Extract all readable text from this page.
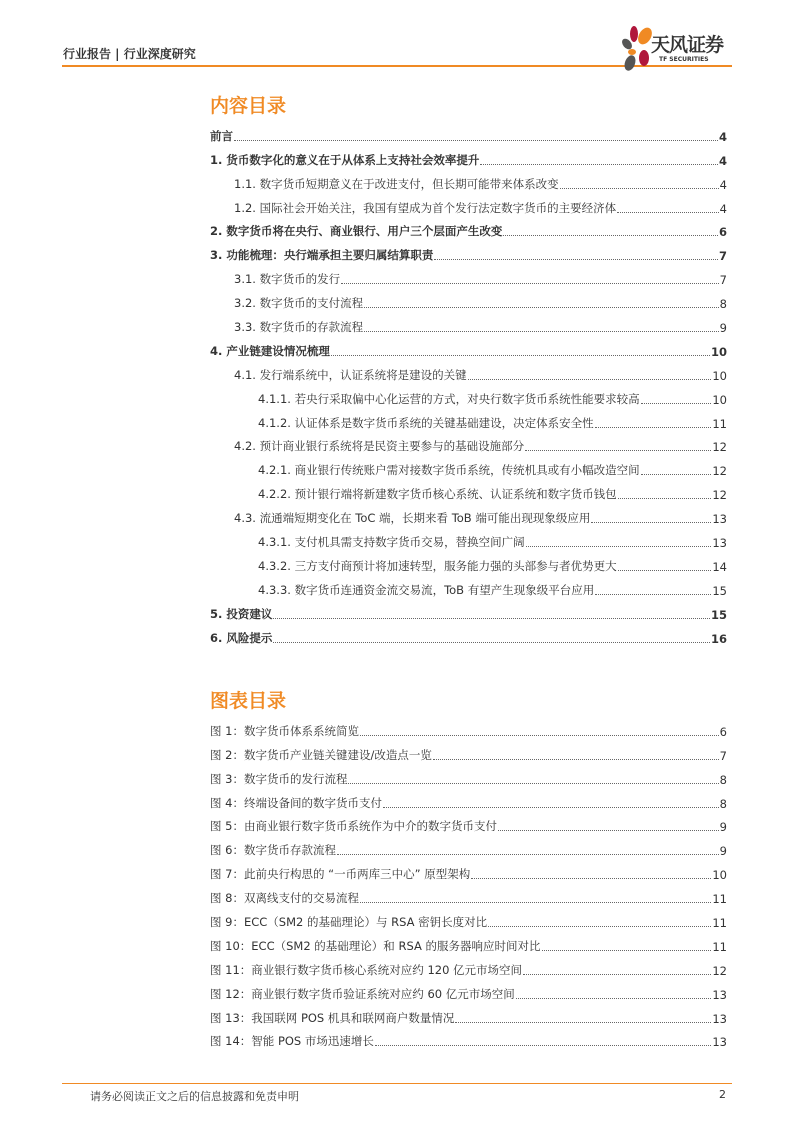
行业报告 | 行业深度研究	天风证券
TF SECURITIES
内容目录
前言	4
1. 货币数字化的意义在于从体系上支持社会效率提升	4
1.1. 数字货币短期意义在于改进支付，但长期可能带来体系改变	4
1.2. 国际社会开始关注，我国有望成为首个发行法定数字货币的主要经济体	4
2. 数字货币将在央行、商业银行、用户三个层面产生改变	6
3. 功能梳理：央行端承担主要归属结算职责	7
3.1. 数字货币的发行	7
3.2. 数字货币的支付流程	8
3.3. 数字货币的存款流程	9
4. 产业链建设情况梳理	10
4.1. 发行端系统中，认证系统将是建设的关键	10
4.1.1. 若央行采取偏中心化运营的方式，对央行数字货币系统性能要求较高	10
4.1.2. 认证体系是数字货币系统的关键基础建设，决定体系安全性	11
4.2. 预计商业银行系统将是民资主要参与的基础设施部分	12
4.2.1. 商业银行传统账户需对接数字货币系统，传统机具或有小幅改造空间	12
4.2.2. 预计银行端将新建数字货币核心系统、认证系统和数字货币钱包	12
4.3. 流通端短期变化在 ToC 端，长期来看 ToB 端可能出现现象级应用	13
4.3.1. 支付机具需支持数字货币交易，替换空间广阔	13
4.3.2. 三方支付商预计将加速转型，服务能力强的头部参与者优势更大	14
4.3.3. 数字货币连通资金流交易流，ToB 有望产生现象级平台应用	15
5. 投资建议	15
6. 风险提示	16
图表目录
图 1：数字货币体系系统简览	6
图 2：数字货币产业链关键建设/改造点一览	7
图 3：数字货币的发行流程	8
图 4：终端设备间的数字货币支付	8
图 5：由商业银行数字货币系统作为中介的数字货币支付	9
图 6：数字货币存款流程	9
图 7：此前央行构思的 “一币两库三中心” 原型架构	10
图 8：双离线支付的交易流程	11
图 9：ECC（SM2 的基础理论）与 RSA 密钥长度对比	11
图 10：ECC（SM2 的基础理论）和 RSA 的服务器响应时间对比	11
图 11：商业银行数字货币核心系统对应约 120 亿元市场空间	12
图 12：商业银行数字货币验证系统对应约 60 亿元市场空间	13
图 13：我国联网 POS 机具和联网商户数量情况	13
图 14：智能 POS 市场迅速增长	13
请务必阅读正文之后的信息披露和免责申明	2
